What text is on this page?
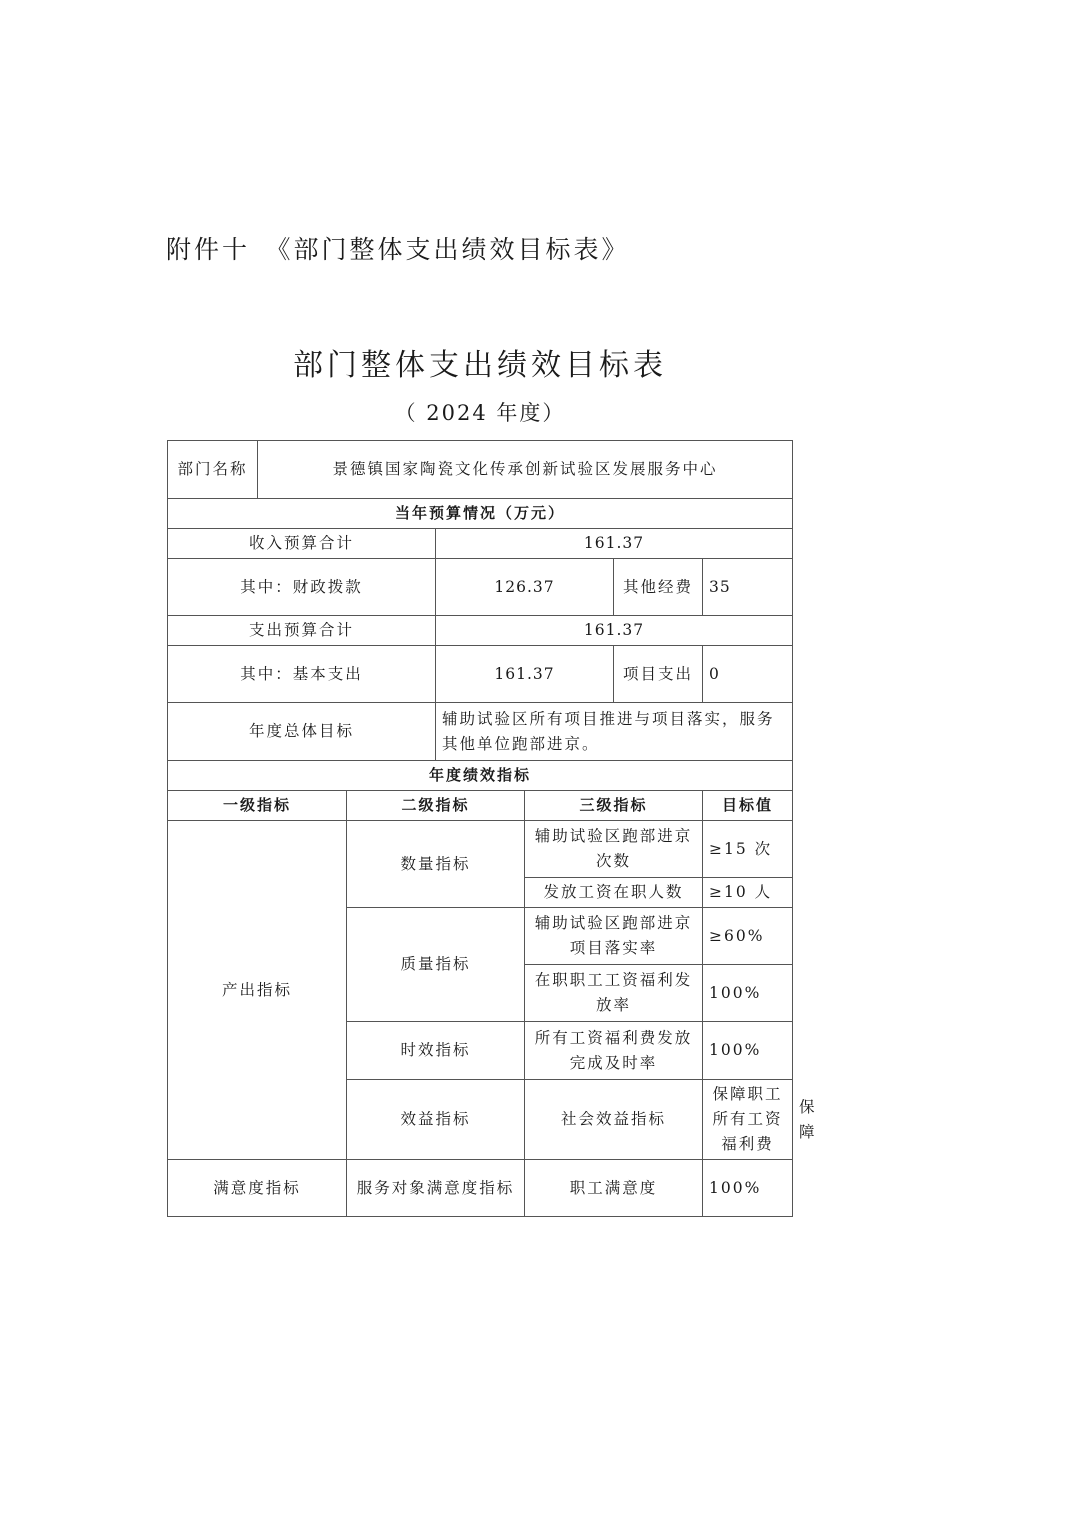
附件十　《部门整体支出绩效目标表》
部门整体支出绩效目标表
（ 2024 年度）
部门名称	景德镇国家陶瓷文化传承创新试验区发展服务中心						
当年预算情况（万元）							
收入预算合计			161.37				
其中：财政拨款			126.37		其他经费	35	
支出预算合计			161.37				
其中：基本支出			161.37		项目支出	0	
年度总体目标			辅助试验区所有项目推进与项目落实，服务其他单位跑部进京。				
年度绩效指标							
一级指标		二级指标		三级指标		目标值	
产出指标		数量指标		辅助试验区跑部进京次数		≥15 次	
				发放工资在职人数		≥10 人	
		质量指标		辅助试验区跑部进京项目落实率		≥60%	
				在职职工工资福利发放率		100%	
		时效指标		所有工资福利费发放完成及时率		100%	
		效益指标		社会效益指标		保障职工所有工资福利费	保障
满意度指标		服务对象满意度指标		职工满意度		100%	
